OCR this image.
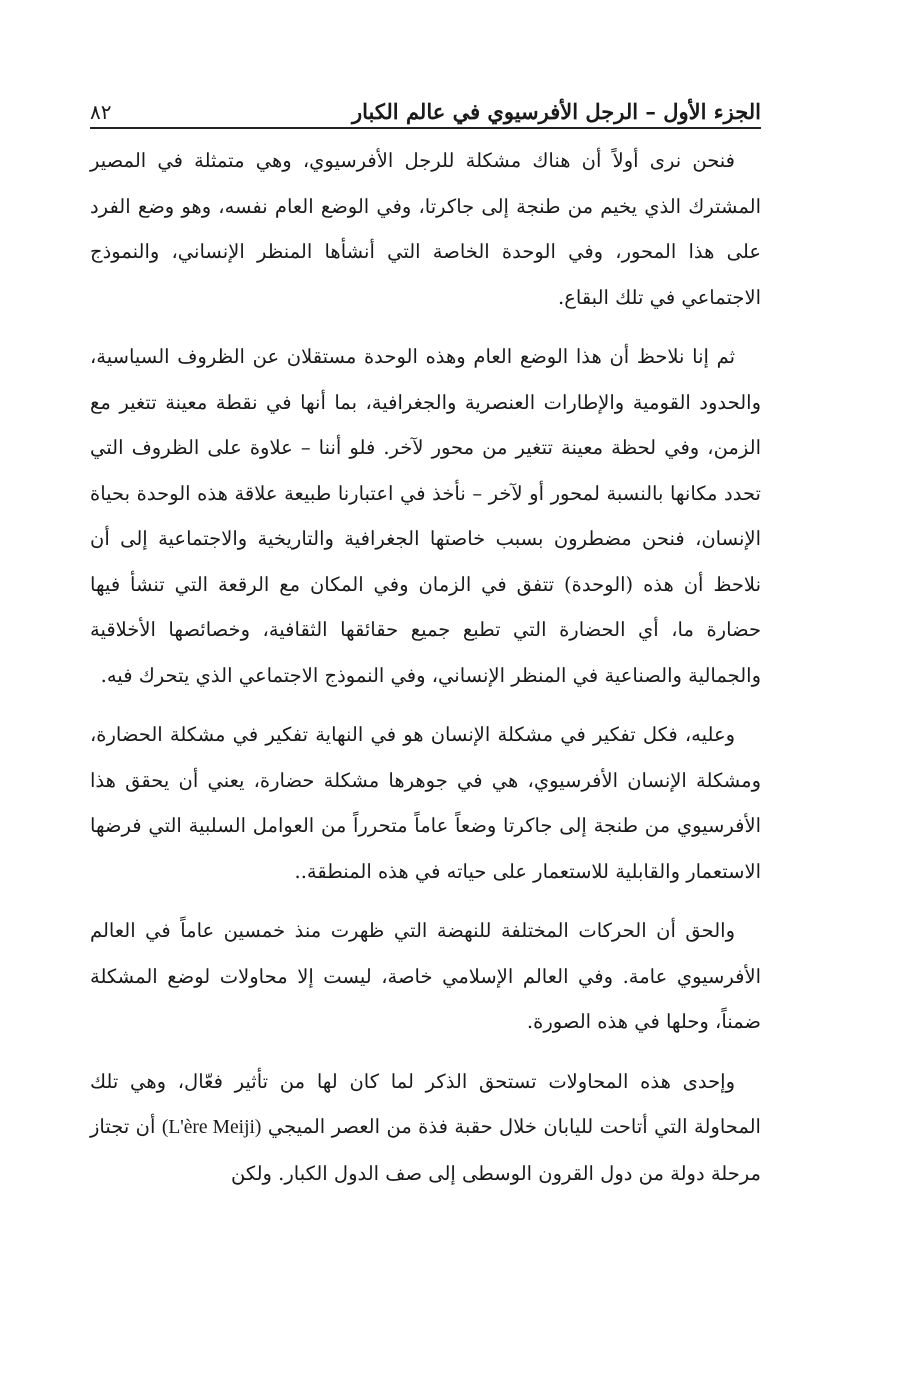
الجزء الأول – الرجل الأفرسيوي في عالم الكبار
٨٢

فنحن نرى أولاً أن هناك مشكلة للرجل الأفرسيوي، وهي متمثلة في المصير المشترك الذي يخيم من طنجة إلى جاكرتا، وفي الوضع العام نفسه، وهو وضع الفرد على هذا المحور، وفي الوحدة الخاصة التي أنشأها المنظر الإنساني، والنموذج الاجتماعي في تلك البقاع.

ثم إنا نلاحظ أن هذا الوضع العام وهذه الوحدة مستقلان عن الظروف السياسية، والحدود القومية والإطارات العنصرية والجغرافية، بما أنها في نقطة معينة تتغير مع الزمن، وفي لحظة معينة تتغير من محور لآخر. فلو أننا – علاوة على الظروف التي تحدد مكانها بالنسبة لمحور أو لآخر – نأخذ في اعتبارنا طبيعة علاقة هذه الوحدة بحياة الإنسان، فنحن مضطرون بسبب خاصتها الجغرافية والتاريخية والاجتماعية إلى أن نلاحظ أن هذه (الوحدة) تتفق في الزمان وفي المكان مع الرقعة التي تنشأ فيها حضارة ما، أي الحضارة التي تطبع جميع حقائقها الثقافية، وخصائصها الأخلاقية والجمالية والصناعية في المنظر الإنساني، وفي النموذج الاجتماعي الذي يتحرك فيه.

وعليه، فكل تفكير في مشكلة الإنسان هو في النهاية تفكير في مشكلة الحضارة، ومشكلة الإنسان الأفرسيوي، هي في جوهرها مشكلة حضارة، يعني أن يحقق هذا الأفرسيوي من طنجة إلى جاكرتا وضعاً عاماً متحرراً من العوامل السلبية التي فرضها الاستعمار والقابلية للاستعمار على حياته في هذه المنطقة..

والحق أن الحركات المختلفة للنهضة التي ظهرت منذ خمسين عاماً في العالم الأفرسيوي عامة. وفي العالم الإسلامي خاصة، ليست إلا محاولات لوضع المشكلة ضمناً، وحلها في هذه الصورة.

وإحدى هذه المحاولات تستحق الذكر لما كان لها من تأثير فعّال، وهي تلك المحاولة التي أتاحت لليابان خلال حقبة فذة من العصر الميجي (L'ère Meiji) أن تجتاز مرحلة دولة من دول القرون الوسطى إلى صف الدول الكبار. ولكن
